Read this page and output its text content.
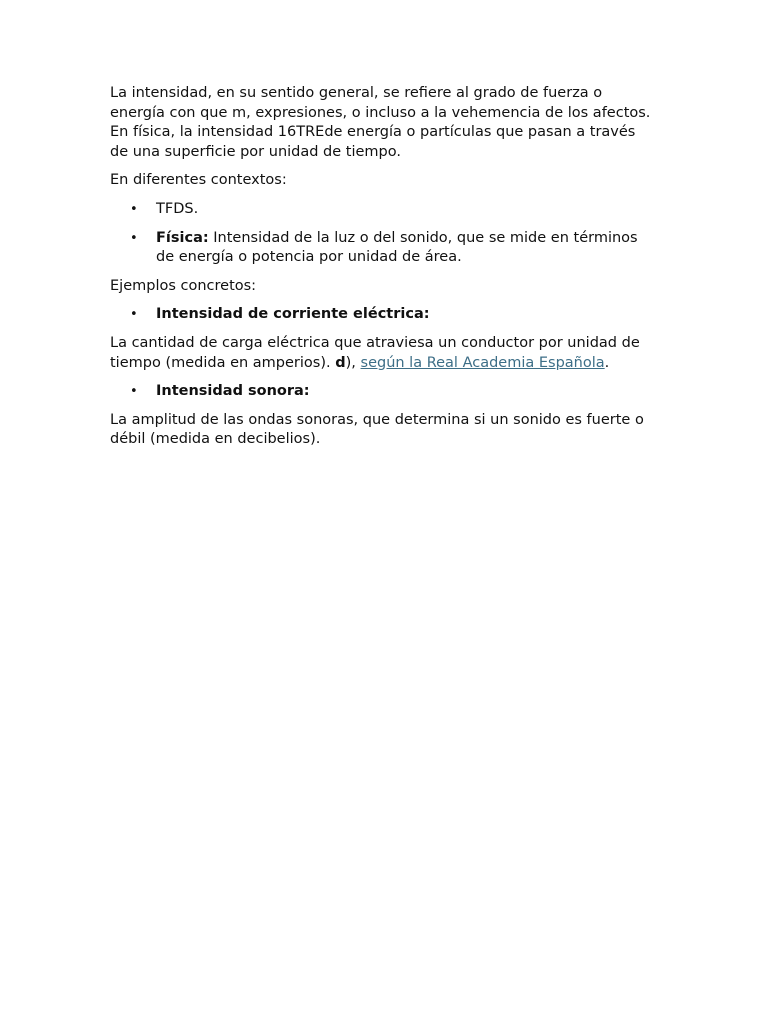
La intensidad, en su sentido general, se refiere al grado de fuerza o energía con que m, expresiones, o incluso a la vehemencia de los afectos. En física, la intensidad 16TREde energía o partículas que pasan a través de una superficie por unidad de tiempo.

En diferentes contextos:

• TFDS.
• Física: Intensidad de la luz o del sonido, que se mide en términos de energía o potencia por unidad de área.

Ejemplos concretos:

• Intensidad de corriente eléctrica:

La cantidad de carga eléctrica que atraviesa un conductor por unidad de tiempo (medida en amperios). d), según la Real Academia Española.

• Intensidad sonora:

La amplitud de las ondas sonoras, que determina si un sonido es fuerte o débil (medida en decibelios).
